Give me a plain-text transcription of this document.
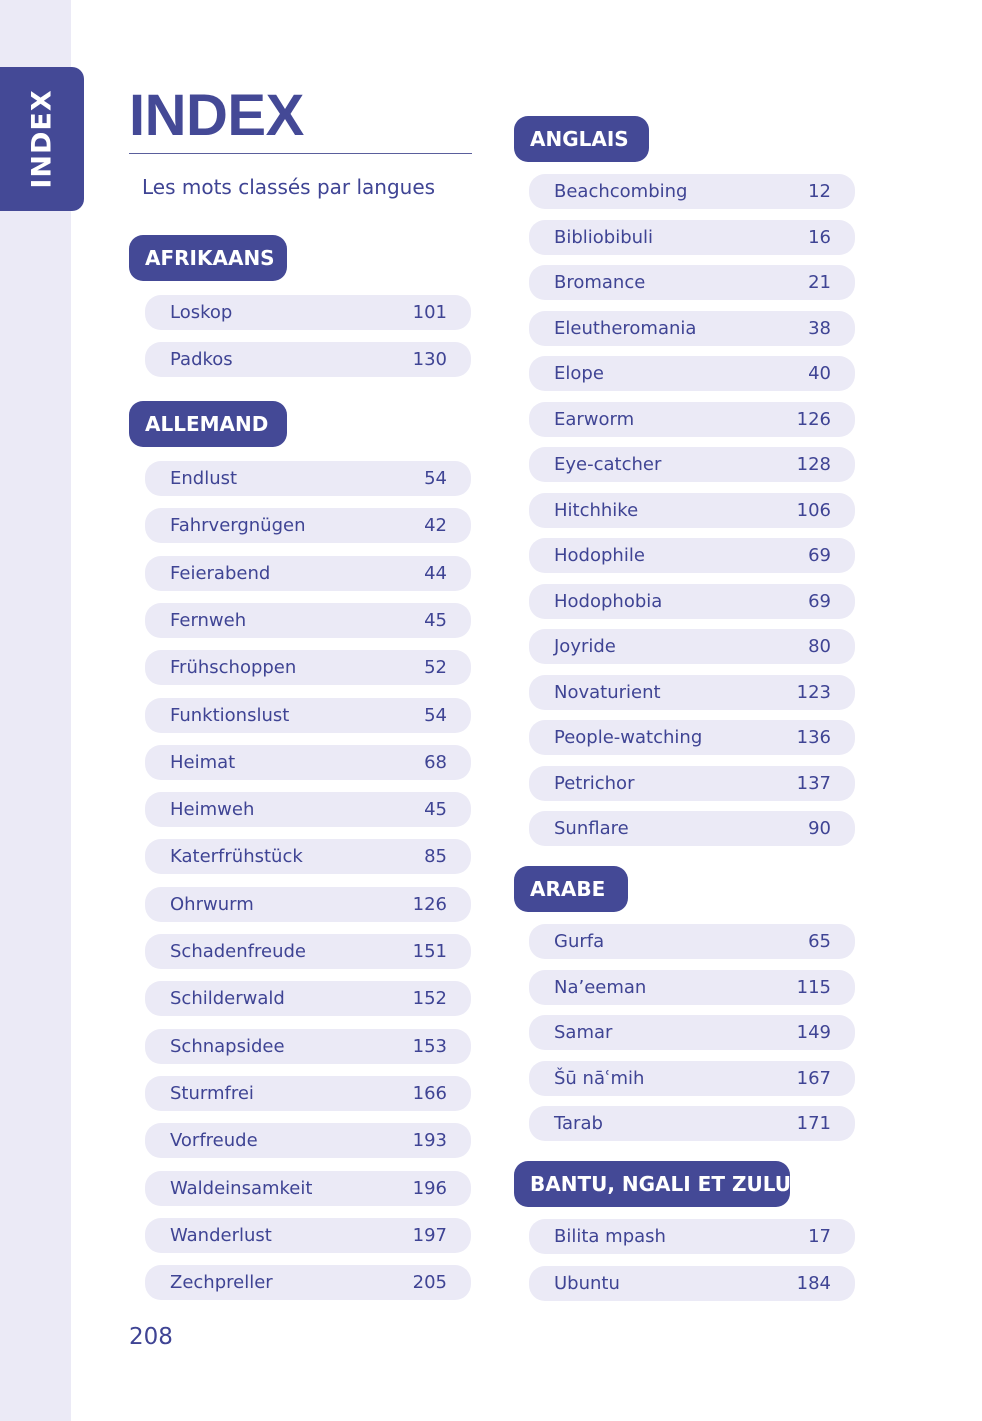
INDEX INDEX
Les mots classés par langues
AFRIKAANS
Loskop	101
Padkos	130
ALLEMAND
Endlust	54
Fahrvergnügen	42
Feierabend	44
Fernweh	45
Frühschoppen	52
Funktionslust	54
Heimat	68
Heimweh	45
Katerfrühstück	85
Ohrwurm	126
Schadenfreude	151
Schilderwald	152
Schnapsidee	153
Sturmfrei	166
Vorfreude	193
Waldeinsamkeit	196
Wanderlust	197
Zechpreller	205
ANGLAIS
Beachcombing	12
Bibliobibuli	16
Bromance	21
Eleutheromania	38
Elope	40
Earworm	126
Eye-catcher	128
Hitchhike	106
Hodophile	69
Hodophobia	69
Joyride	80
Novaturient	123
People-watching	136
Petrichor	137
Sunflare	90
ARABE
Gurfa	65
Na’eeman	115
Samar	149
Šū nāʿmih	167
Tarab	171
BANTU, NGALI ET ZULU
Bilita mpash	17
Ubuntu	184
208
